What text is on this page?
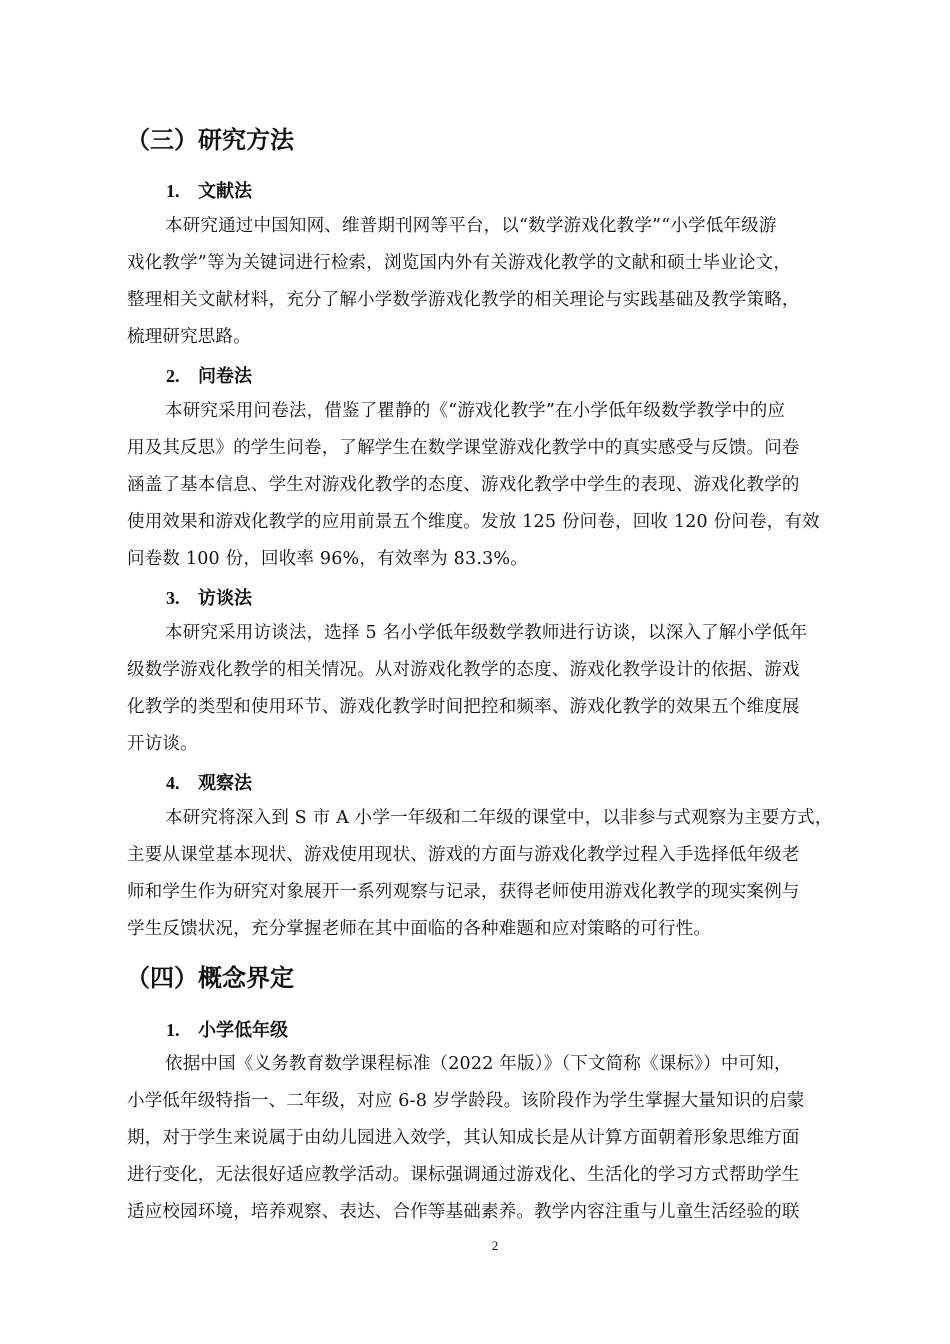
（三）研究方法
1. 文献法
本研究通过中国知网、维普期刊网等平台，以“数学游戏化教学”“小学低年级游
戏化教学”等为关键词进行检索，浏览国内外有关游戏化教学的文献和硕士毕业论文，
整理相关文献材料，充分了解小学数学游戏化教学的相关理论与实践基础及教学策略，
梳理研究思路。
2. 问卷法
本研究采用问卷法，借鉴了瞿静的《“游戏化教学”在小学低年级数学教学中的应
用及其反思》的学生问卷，了解学生在数学课堂游戏化教学中的真实感受与反馈。问卷
涵盖了基本信息、学生对游戏化教学的态度、游戏化教学中学生的表现、游戏化教学的
使用效果和游戏化教学的应用前景五个维度。发放 125 份问卷，回收 120 份问卷，有效
问卷数 100 份，回收率 96%，有效率为 83.3%。
3. 访谈法
本研究采用访谈法，选择 5 名小学低年级数学教师进行访谈，以深入了解小学低年
级数学游戏化教学的相关情况。从对游戏化教学的态度、游戏化教学设计的依据、游戏
化教学的类型和使用环节、游戏化教学时间把控和频率、游戏化教学的效果五个维度展
开访谈。
4. 观察法
本研究将深入到 S 市 A 小学一年级和二年级的课堂中，以非参与式观察为主要方式，
主要从课堂基本现状、游戏使用现状、游戏的方面与游戏化教学过程入手选择低年级老
师和学生作为研究对象展开一系列观察与记录，获得老师使用游戏化教学的现实案例与
学生反馈状况，充分掌握老师在其中面临的各种难题和应对策略的可行性。
（四）概念界定
1. 小学低年级
依据中国《义务教育数学课程标准（2022 年版）》（下文简称《课标》）中可知，
小学低年级特指一、二年级，对应 6-8 岁学龄段。该阶段作为学生掌握大量知识的启蒙
期，对于学生来说属于由幼儿园进入效学，其认知成长是从计算方面朝着形象思维方面
进行变化，无法很好适应教学活动。课标强调通过游戏化、生活化的学习方式帮助学生
适应校园环境，培养观察、表达、合作等基础素养。教学内容注重与儿童生活经验的联
2
